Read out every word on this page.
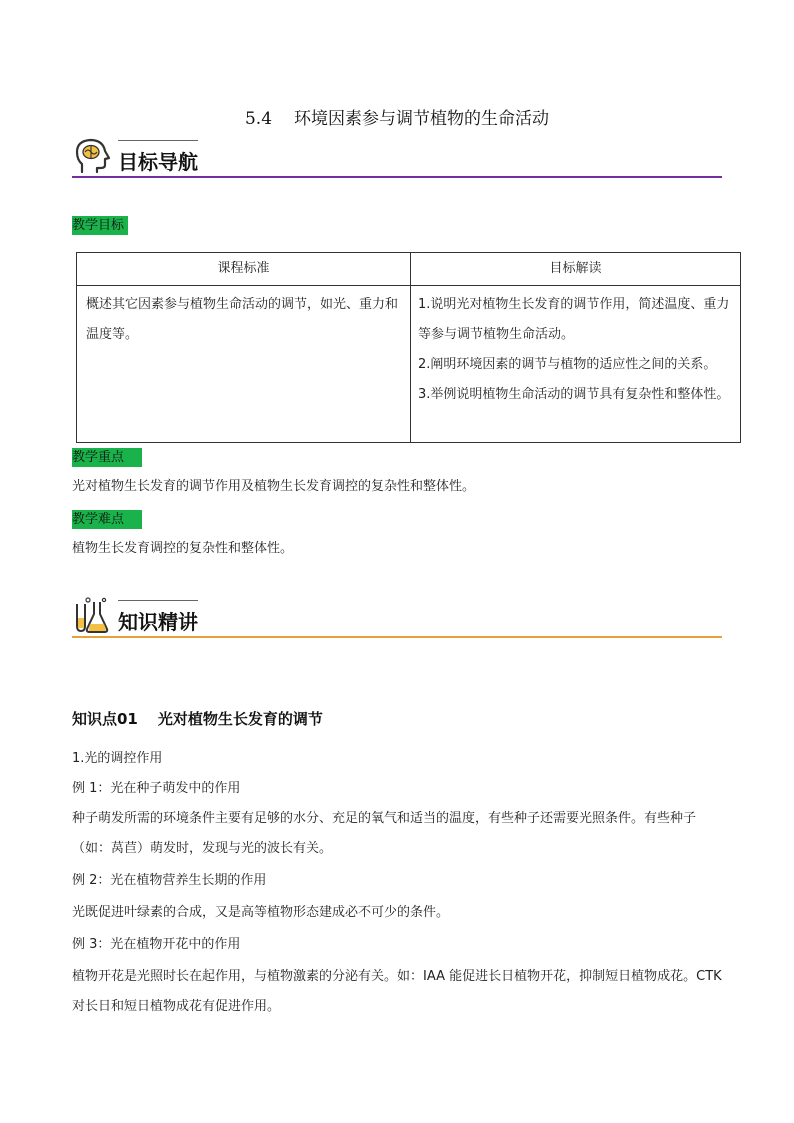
5.4 环境因素参与调节植物的生命活动
目标导航
教学目标
课程标准	目标解读
概述其它因素参与植物生命活动的调节，如光、重力和温度等。	1.说明光对植物生长发育的调节作用，简述温度、重力等参与调节植物生命活动。
2.阐明环境因素的调节与植物的适应性之间的关系。
3.举例说明植物生命活动的调节具有复杂性和整体性。
教学重点
光对植物生长发育的调节作用及植物生长发育调控的复杂性和整体性。
教学难点
植物生长发育调控的复杂性和整体性。
知识精讲
知识点01 光对植物生长发育的调节
1.光的调控作用
例 1：光在种子萌发中的作用
种子萌发所需的环境条件主要有足够的水分、充足的氧气和适当的温度，有些种子还需要光照条件。有些种子（如：莴苣）萌发时，发现与光的波长有关。
例 2：光在植物营养生长期的作用
光既促进叶绿素的合成，又是高等植物形态建成必不可少的条件。
例 3：光在植物开花中的作用
植物开花是光照时长在起作用，与植物激素的分泌有关。如：IAA 能促进长日植物开花，抑制短日植物成花。CTK 对长日和短日植物成花有促进作用。
